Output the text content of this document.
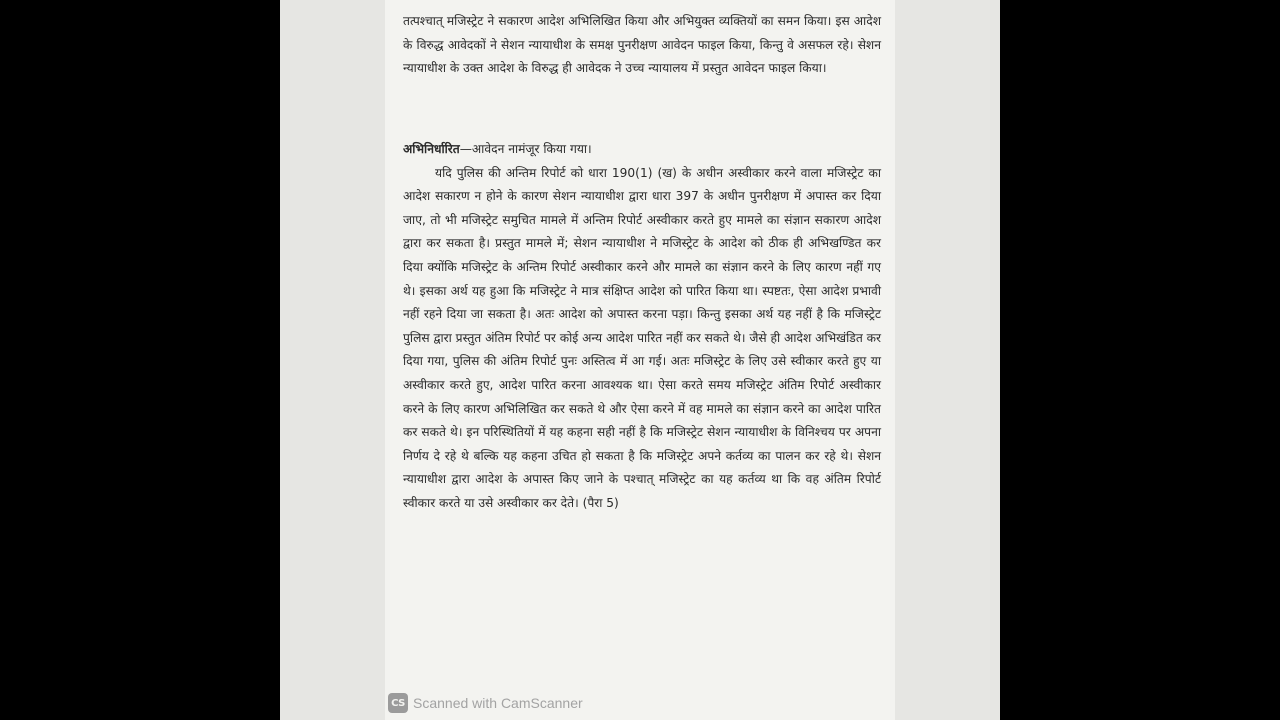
तत्पश्चात् मजिस्ट्रेट ने सकारण आदेश अभिलिखित किया और अभियुक्त व्यक्तियों का समन किया। इस आदेश के विरुद्ध आवेदकों ने सेशन न्यायाधीश के समक्ष पुनरीक्षण आवेदन फाइल किया, किन्तु वे असफल रहे। सेशन न्यायाधीश के उक्त आदेश के विरुद्ध ही आवेदक ने उच्च न्यायालय में प्रस्तुत आवेदन फाइल किया।

अभिनिर्धारित—आवेदन नामंजूर किया गया।

यदि पुलिस की अन्तिम रिपोर्ट को धारा 190(1) (ख) के अधीन अस्वीकार करने वाला मजिस्ट्रेट का आदेश सकारण न होने के कारण सेशन न्यायाधीश द्वारा धारा 397 के अधीन पुनरीक्षण में अपास्त कर दिया जाए, तो भी मजिस्ट्रेट समुचित मामले में अन्तिम रिपोर्ट अस्वीकार करते हुए मामले का संज्ञान सकारण आदेश द्वारा कर सकता है। प्रस्तुत मामले में; सेशन न्यायाधीश ने मजिस्ट्रेट के आदेश को ठीक ही अभिखण्डित कर दिया क्योंकि मजिस्ट्रेट के अन्तिम रिपोर्ट अस्वीकार करने और मामले का संज्ञान करने के लिए कारण नहीं गए थे। इसका अर्थ यह हुआ कि मजिस्ट्रेट ने मात्र संक्षिप्त आदेश को पारित किया था। स्पष्टतः, ऐसा आदेश प्रभावी नहीं रहने दिया जा सकता है। अतः आदेश को अपास्त करना पड़ा। किन्तु इसका अर्थ यह नहीं है कि मजिस्ट्रेट पुलिस द्वारा प्रस्तुत अंतिम रिपोर्ट पर कोई अन्य आदेश पारित नहीं कर सकते थे। जैसे ही आदेश अभिखंडित कर दिया गया, पुलिस की अंतिम रिपोर्ट पुनः अस्तित्व में आ गई। अतः मजिस्ट्रेट के लिए उसे स्वीकार करते हुए या अस्वीकार करते हुए, आदेश पारित करना आवश्यक था। ऐसा करते समय मजिस्ट्रेट अंतिम रिपोर्ट अस्वीकार करने के लिए कारण अभिलिखित कर सकते थे और ऐसा करने में वह मामले का संज्ञान करने का आदेश पारित कर सकते थे। इन परिस्थितियों में यह कहना सही नहीं है कि मजिस्ट्रेट सेशन न्यायाधीश के विनिश्चय पर अपना निर्णय दे रहे थे बल्कि यह कहना उचित हो सकता है कि मजिस्ट्रेट अपने कर्तव्य का पालन कर रहे थे। सेशन न्यायाधीश द्वारा आदेश के अपास्त किए जाने के पश्चात् मजिस्ट्रेट का यह कर्तव्य था कि वह अंतिम रिपोर्ट स्वीकार करते या उसे अस्वीकार कर देते। (पैरा 5)

CS Scanned with CamScanner
